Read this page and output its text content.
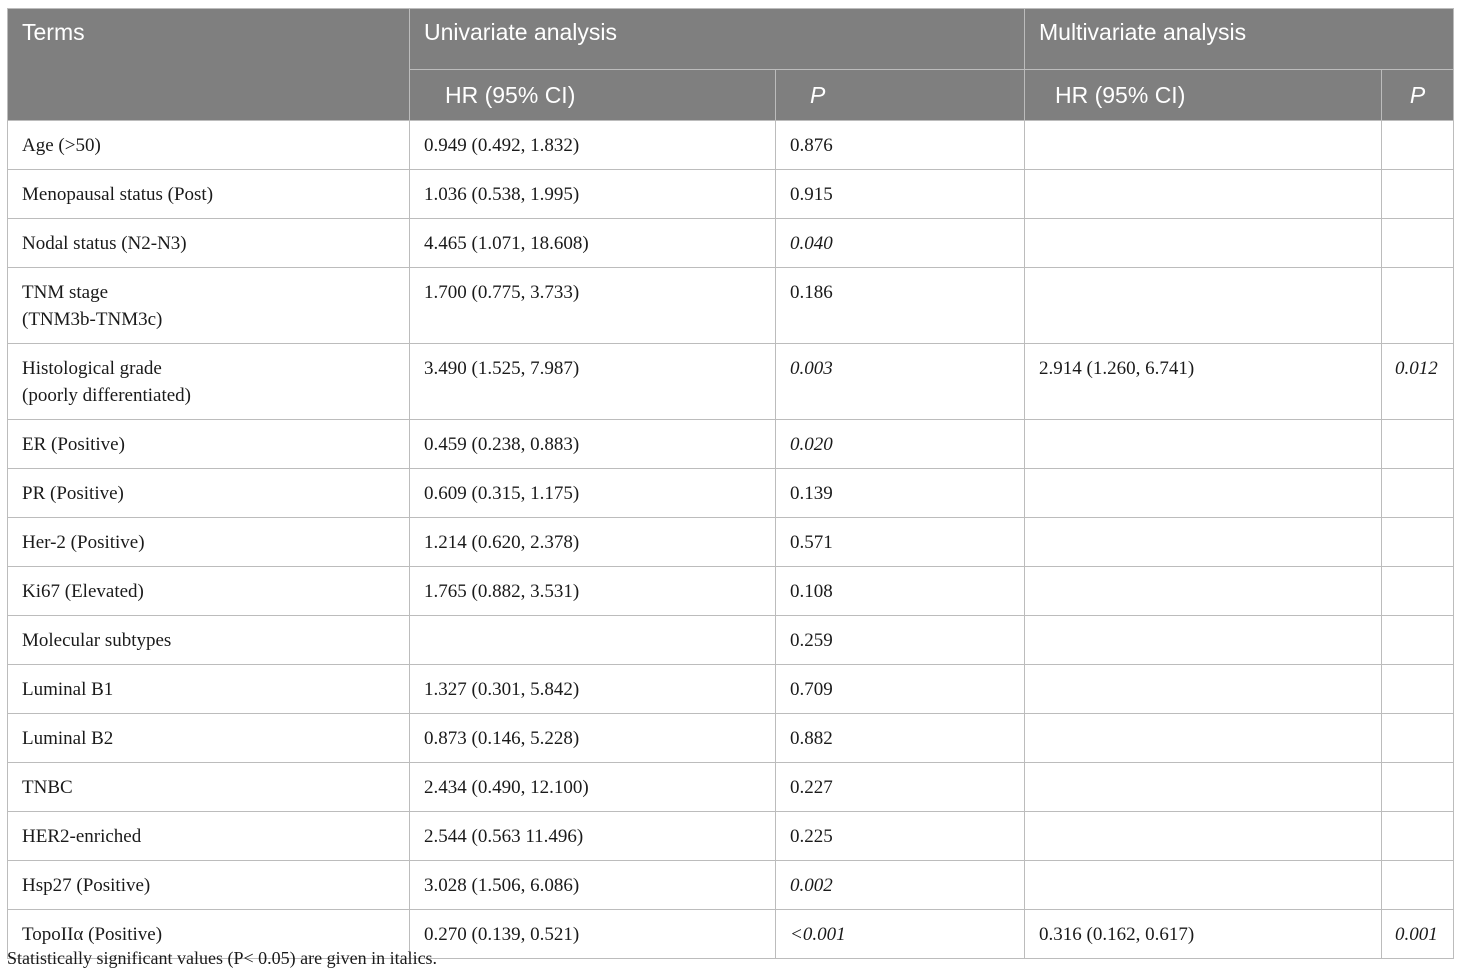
Terms	Univariate analysis		Multivariate analysis	
	HR (95% CI)	P	HR (95% CI)	P
Age (>50)	0.949 (0.492, 1.832)	0.876		
Menopausal status (Post)	1.036 (0.538, 1.995)	0.915		
Nodal status (N2-N3)	4.465 (1.071, 18.608)	0.040		
TNM stage
(TNM3b-TNM3c)	1.700 (0.775, 3.733)	0.186		
Histological grade
(poorly differentiated)	3.490 (1.525, 7.987)	0.003	2.914 (1.260, 6.741)	0.012
ER (Positive)	0.459 (0.238, 0.883)	0.020		
PR (Positive)	0.609 (0.315, 1.175)	0.139		
Her-2 (Positive)	1.214 (0.620, 2.378)	0.571		
Ki67 (Elevated)	1.765 (0.882, 3.531)	0.108		
Molecular subtypes		0.259		
Luminal B1	1.327 (0.301, 5.842)	0.709		
Luminal B2	0.873 (0.146, 5.228)	0.882		
TNBC	2.434 (0.490, 12.100)	0.227		
HER2-enriched	2.544 (0.563 11.496)	0.225		
Hsp27 (Positive)	3.028 (1.506, 6.086)	0.002		
TopoIIα (Positive)	0.270 (0.139, 0.521)	<0.001	0.316 (0.162, 0.617)	0.001
Statistically significant values (P< 0.05) are given in italics.
